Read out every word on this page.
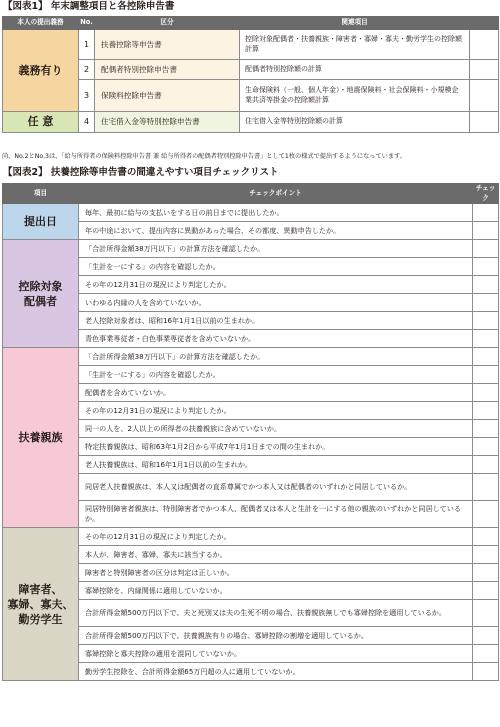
【図表1】 年末調整項目と各控除申告書
本人の提出義務	No.	区分	関連項目	
義務有り	1	扶養控除等申告書	控除対象配偶者・扶養親族・障害者・寡婦・寡夫・勤労学生の控除額計算	
	2	配偶者特別控除申告書	配偶者特別控除額の計算	
	3	保険料控除申告書	生命保険料（一般、個人年金）・地震保険料・社会保険料・小規模企業共済等掛金の控除額計算	
任 意	4	住宅借入金等特別控除申告書	住宅借入金等特別控除額の計算	
尚、No.2とNo.3は、「給与所得者の保険料控除申告書 兼 給与所得者の配偶者特別控除申告書」として1枚の様式で提出するようになっています。
【図表2】 扶養控除等申告書の間違えやすい項目チェックリスト
項目	チェックポイント	チェック
提出日	毎年、最初に給与の支払いをする日の前日までに提出したか。	
	年の中途において、提出内容に異動があった場合、その都度、異動申告したか。	

控除対象
配偶者	「合計所得金額38万円以下」の計算方法を確認したか。	
	「生計を一にする」の内容を確認したか。	
	その年の12月31日の現況により判定したか。	
	いわゆる内縁の人を含めていないか。	
	老人控除対象者は、昭和16年1月1日以前の生まれか。	
	青色事業専従者・白色事業専従者を含めていないか。	
扶養親族	「合計所得金額38万円以下」の計算方法を確認したか。	
	「生計を一にする」の内容を確認したか。	
	配偶者を含めていないか。	
	その年の12月31日の現況により判定したか。	
	同一の人を、2人以上の所得者の扶養親族に含めていないか。	
	特定扶養親族は、昭和63年1月2日から平成7年1月1日までの間の生まれか。	
	老人扶養親族は、昭和16年1月1日以前の生まれか。	
	同居老人扶養親族は、本人又は配偶者の直系尊属でかつ本人又は配偶者のいずれかと同居しているか。	
	同居特別障害者親族は、特別障害者でかつ本人、配偶者又は本人と生計を一にする他の親族のいずれかと同居しているか。	

障害者、
寡婦、寡夫、
勤労学生	その年の12月31日の現況により判定したか。	
	本人が、障害者、寡婦、寡夫に該当するか。	
	障害者と特別障害者の区分は判定は正しいか。	
	寡婦控除を、内縁関係に適用していないか。	
	合計所得金額500万円以下で、夫と死別又は夫の生死不明の場合、扶養親族無しでも寡婦控除を適用しているか。	
	合計所得金額500万円以下で、扶養親族有りの場合、寡婦控除の割増を適用しているか。	
	寡婦控除と寡夫控除の適用を混同していないか。	
	勤労学生控除を、合計所得金額65万円超の人に適用していないか。	
